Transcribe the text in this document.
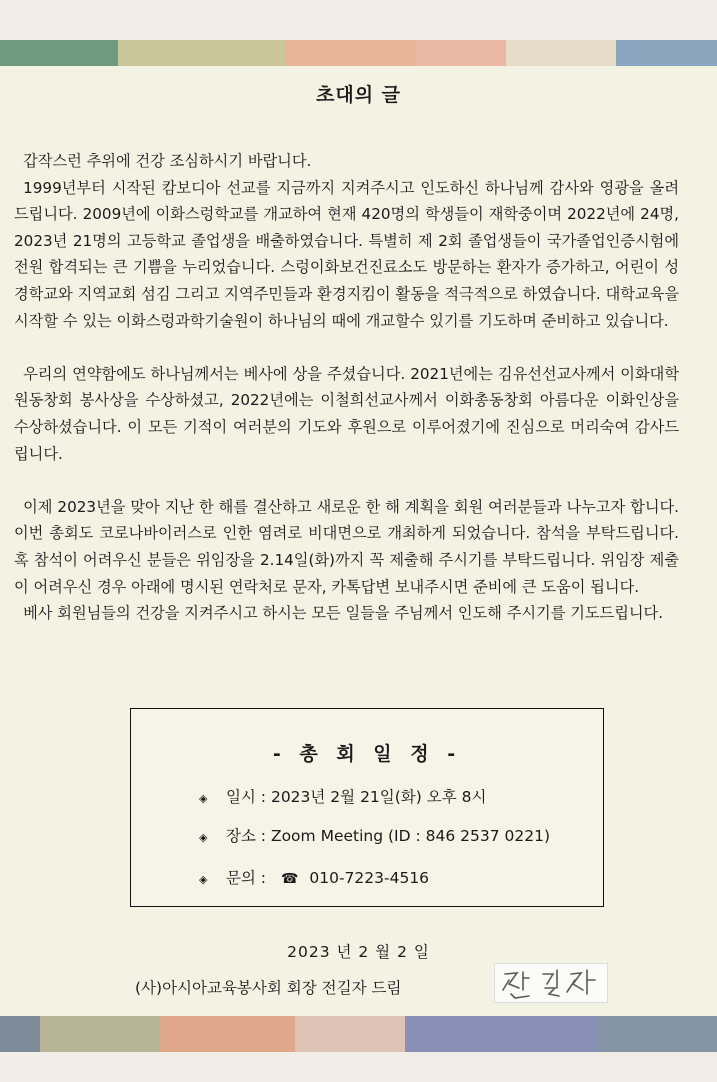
초대의 글

갑작스런 추위에 건강 조심하시기 바랍니다.

1999년부터 시작된 캄보디아 선교를 지금까지 지켜주시고 인도하신 하나님께 감사와 영광을 올려드립니다. 2009년에 이화스렁학교를 개교하여 현재 420명의 학생들이 재학중이며 2022년에 24명, 2023년 21명의 고등학교 졸업생을 배출하였습니다. 특별히 제 2회 졸업생들이 국가졸업인증시험에 전원 합격되는 큰 기쁨을 누리었습니다. 스렁이화보건진료소도 방문하는 환자가 증가하고, 어린이 성경학교와 지역교회 섬김 그리고 지역주민들과 환경지킴이 활동을 적극적으로 하였습니다. 대학교육을 시작할 수 있는 이화스렁과학기술원이 하나님의 때에 개교할수 있기를 기도하며 준비하고 있습니다.

우리의 연약함에도 하나님께서는 베사에 상을 주셨습니다. 2021년에는 김유선선교사께서 이화대학원동창회 봉사상을 수상하셨고, 2022년에는 이철희선교사께서 이화총동창회 아름다운 이화인상을 수상하셨습니다. 이 모든 기적이 여러분의 기도와 후원으로 이루어졌기에 진심으로 머리숙여 감사드립니다.

이제 2023년을 맞아 지난 한 해를 결산하고 새로운 한 해 계획을 회원 여러분들과 나누고자 합니다. 이번 총회도 코로나바이러스로 인한 염려로 비대면으로 개최하게 되었습니다. 참석을 부탁드립니다. 혹 참석이 어려우신 분들은 위임장을 2.14일(화)까지 꼭 제출해 주시기를 부탁드립니다. 위임장 제출이 어려우신 경우 아래에 명시된 연락처로 문자, 카톡답변 보내주시면 준비에 큰 도움이 됩니다.

베사 회원님들의 건강을 지켜주시고 하시는 모든 일들을 주님께서 인도해 주시기를 기도드립니다.

- 총 회 일 정 -
◈ 일시 : 2023년 2월 21일(화) 오후 8시
◈ 장소 : Zoom Meeting (ID : 846 2537 0221)
◈ 문의 : ☎ 010-7223-4516
2023 년 2 월 2 일
(사)아시아교육봉사회 회장 전길자 드림
